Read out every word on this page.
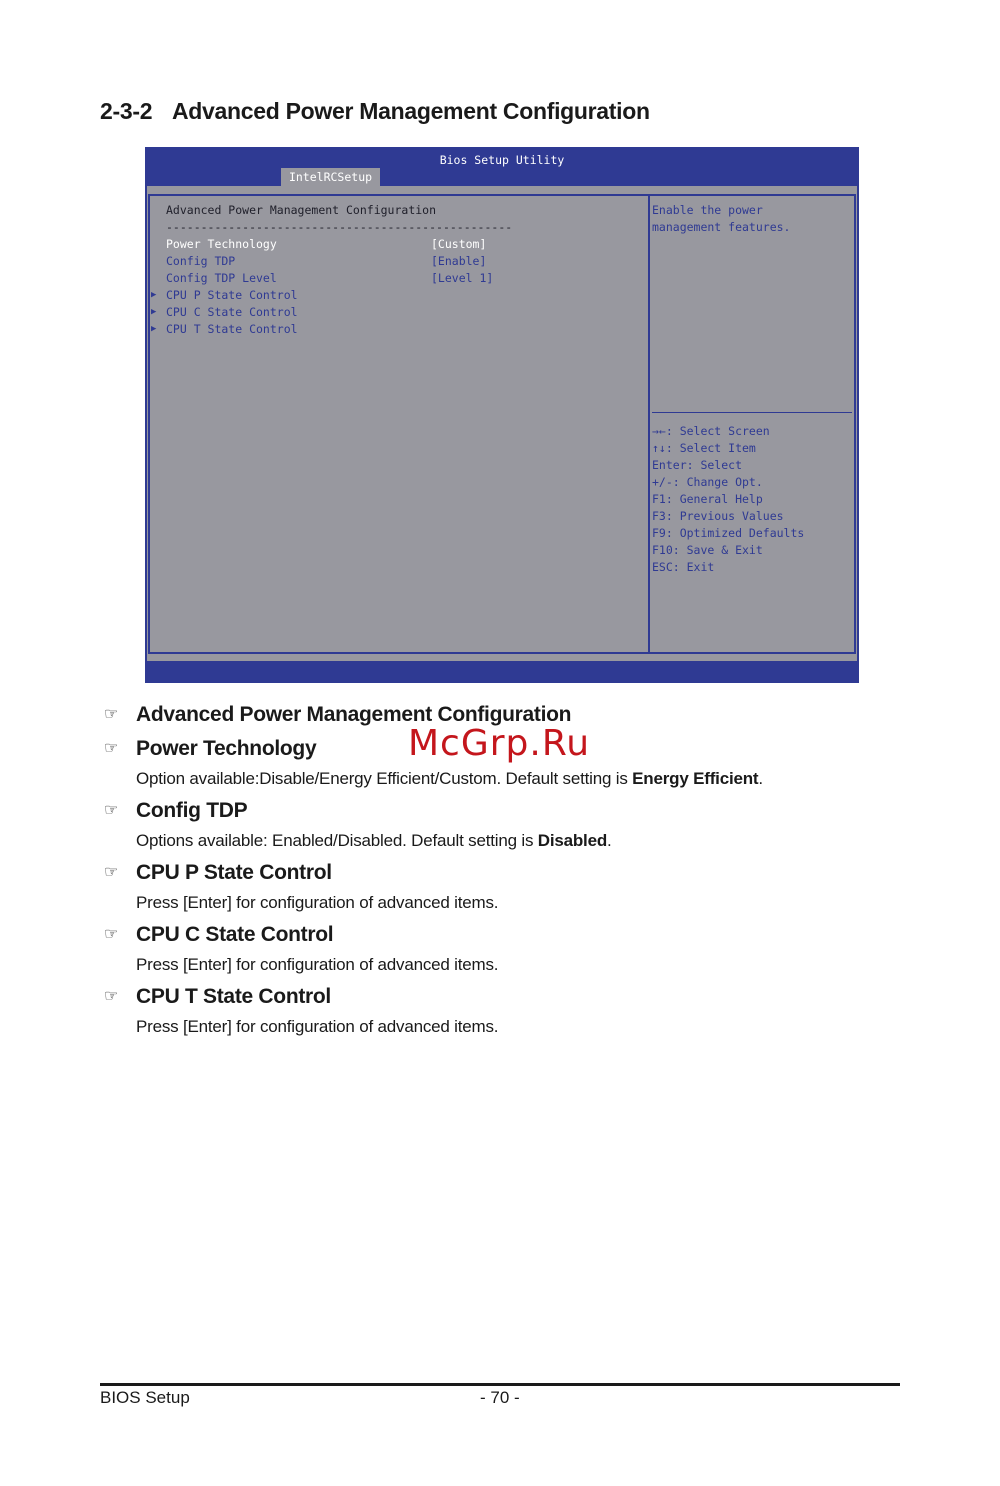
2-3-2 Advanced Power Management Configuration
Bios Setup Utility
IntelRCSetup
Advanced Power Management Configuration
--------------------------------------------------
Power Technology	[Custom]
Config TDP	[Enable]
Config TDP Level	[Level 1]
▶ CPU P State Control
▶ CPU C State Control
▶ CPU T State Control
Enable the power
management features.
→←: Select Screen
↑↓: Select Item
Enter: Select
+/-: Change Opt.
F1: General Help
F3: Previous Values
F9: Optimized Defaults
F10: Save & Exit
ESC: Exit
☞ Advanced Power Management Configuration
☞ Power Technology
Option available:Disable/Energy Efficient/Custom. Default setting is Energy Efficient.
☞ Config TDP
Options available: Enabled/Disabled. Default setting is Disabled.
☞ CPU P State Control
Press [Enter] for configuration of advanced items.
☞ CPU C State Control
Press [Enter] for configuration of advanced items.
☞ CPU T State Control
Press [Enter] for configuration of advanced items.
McGrp.Ru
BIOS Setup	- 70 -
